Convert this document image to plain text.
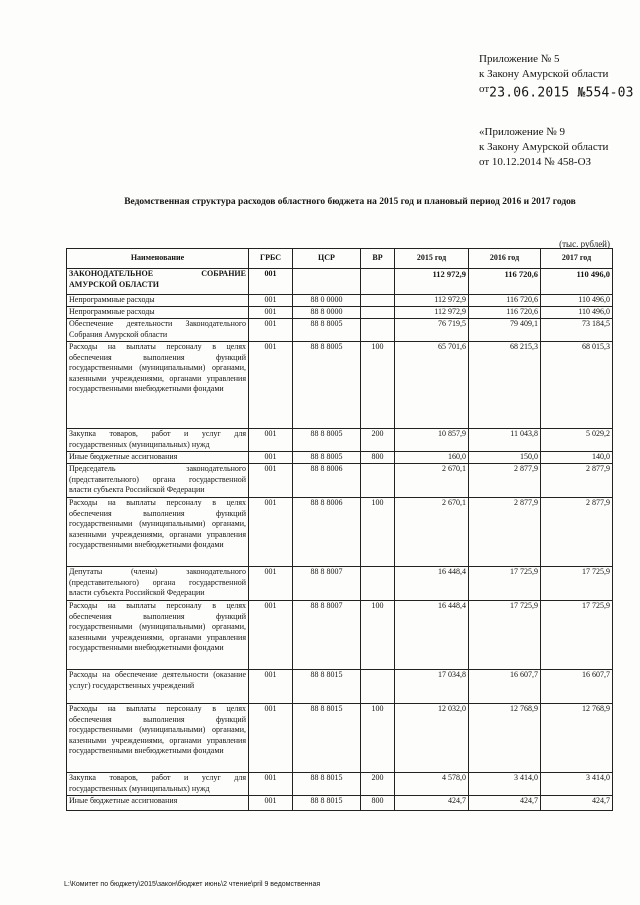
Приложение № 5
к Закону Амурской области
от23.06.2015 №554-03
«Приложение № 9
к Закону Амурской области
от 10.12.2014 № 458-ОЗ
Ведомственная структура расходов областного бюджета на 2015 год и плановый период 2016 и 2017 годов
(тыс. рублей)
Наименование	ГРБС	ЦСР	ВР	2015 год	2016 год	2017 год
ЗАКОНОДАТЕЛЬНОЕ СОБРАНИЕ АМУРСКОЙ ОБЛАСТИ	001			112 972,9	116 720,6	110 496,0
Непрограммные расходы	001	88 0 0000		112 972,9	116 720,6	110 496,0
Непрограммные расходы	001	88 8 0000		112 972,9	116 720,6	110 496,0
Обеспечение деятельности Законодательного Собрания Амурской области	001	88 8 8005		76 719,5	79 409,1	73 184,5
Расходы на выплаты персоналу в целях обеспечения выполнения функций государственными (муниципальными) органами, казенными учреждениями, органами управления государственными внебюджетными фондами	001	88 8 8005	100	65 701,6	68 215,3	68 015,3
Закупка товаров, работ и услуг для государственных (муниципальных) нужд	001	88 8 8005	200	10 857,9	11 043,8	5 029,2
Иные бюджетные ассигнования	001	88 8 8005	800	160,0	150,0	140,0
Председатель законодательного (представительного) органа государственной власти субъекта Российской Федерации	001	88 8 8006		2 670,1	2 877,9	2 877,9
Расходы на выплаты персоналу в целях обеспечения выполнения функций государственными (муниципальными) органами, казенными учреждениями, органами управления государственными внебюджетными фондами	001	88 8 8006	100	2 670,1	2 877,9	2 877,9
Депутаты (члены) законодательного (представительного) органа государственной власти субъекта Российской Федерации	001	88 8 8007		16 448,4	17 725,9	17 725,9
Расходы на выплаты персоналу в целях обеспечения выполнения функций государственными (муниципальными) органами, казенными учреждениями, органами управления государственными внебюджетными фондами	001	88 8 8007	100	16 448,4	17 725,9	17 725,9
Расходы на обеспечение деятельности (оказание услуг) государственных учреждений	001	88 8 8015		17 034,8	16 607,7	16 607,7
Расходы на выплаты персоналу в целях обеспечения выполнения функций государственными (муниципальными) органами, казенными учреждениями, органами управления государственными внебюджетными фондами	001	88 8 8015	100	12 032,0	12 768,9	12 768,9
Закупка товаров, работ и услуг для государственных (муниципальных) нужд	001	88 8 8015	200	4 578,0	3 414,0	3 414,0
Иные бюджетные ассигнования	001	88 8 8015	800	424,7	424,7	424,7
L:\Комитет по бюджету\2015\закон\бюджет июнь\2 чтение\pril 9 ведомственная
